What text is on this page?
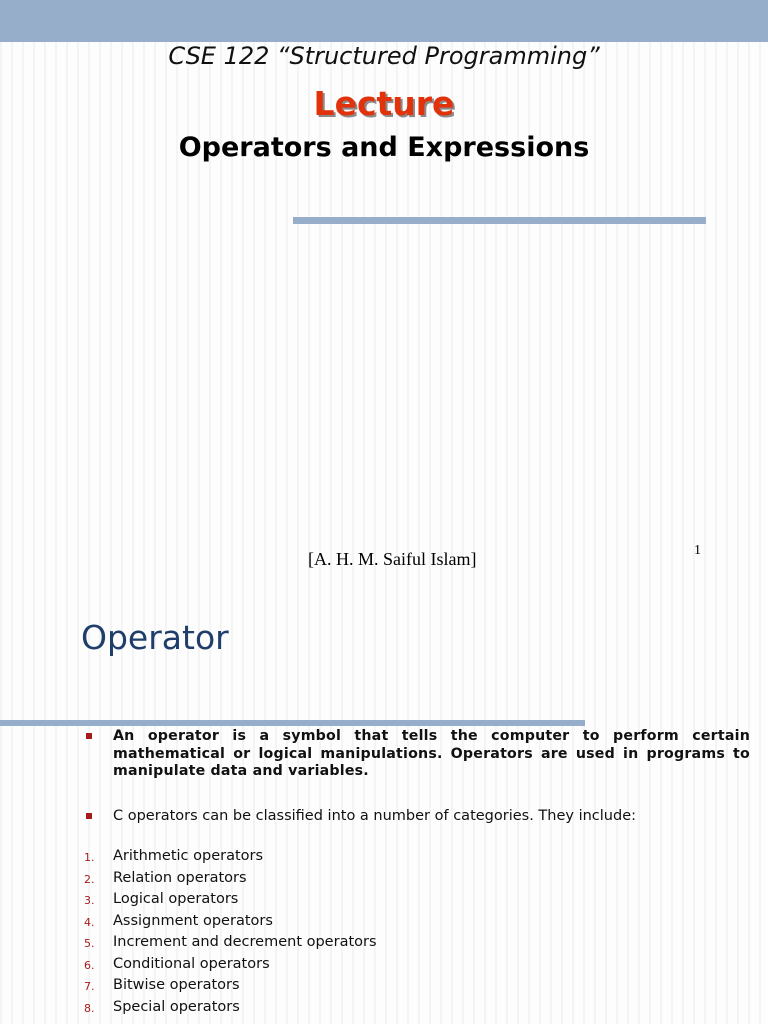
CSE 122 “Structured Programming”
Lecture
Operators and Expressions
[A. H. M. Saiful Islam]	1
Operator
An operator is a symbol that tells the computer to perform certain
mathematical or logical manipulations. Operators are used in programs to
manipulate data and variables.
C operators can be classified into a number of categories. They include:
1. Arithmetic operators
2. Relation operators
3. Logical operators
4. Assignment operators
5. Increment and decrement operators
6. Conditional operators
7. Bitwise operators
8. Special operators
